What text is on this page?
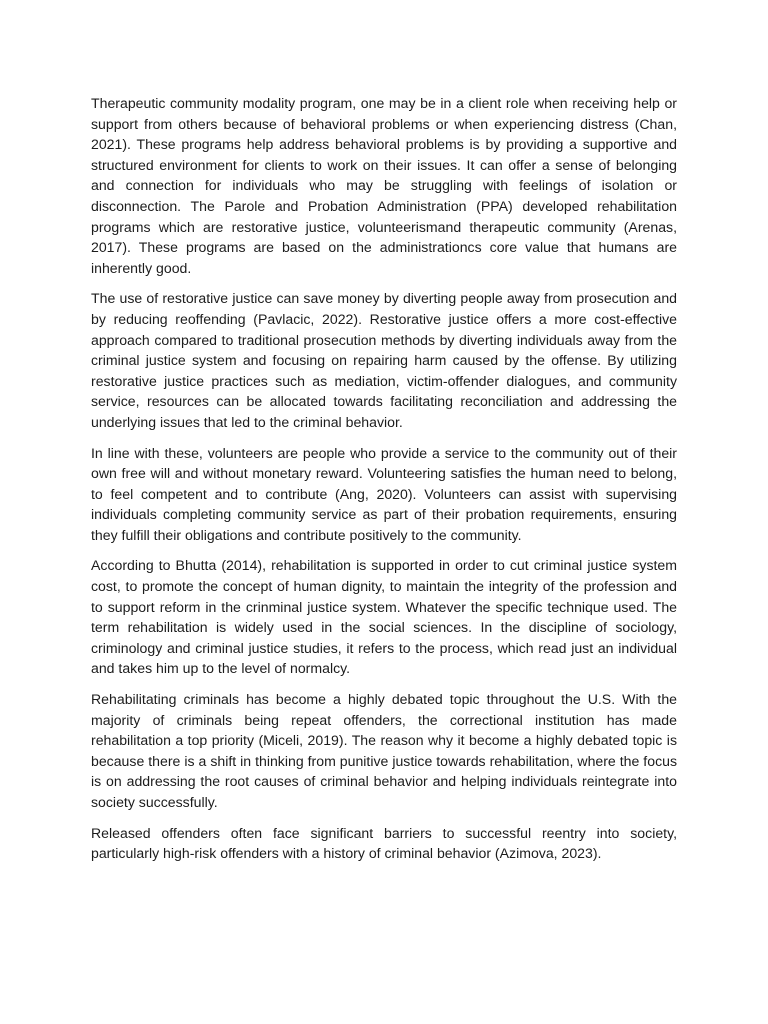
Therapeutic community modality program, one may be in a client role when receiving help or support from others because of behavioral problems or when experiencing distress (Chan, 2021). These programs help address behavioral problems is by providing a supportive and structured environment for clients to work on their issues. It can offer a sense of belonging and connection for individuals who may be struggling with feelings of isolation or disconnection. The Parole and Probation Administration (PPA) developed rehabilitation programs which are restorative justice, volunteerismand therapeutic community (Arenas, 2017). These programs are based on the administrationcs core value that humans are inherently good.

The use of restorative justice can save money by diverting people away from prosecution and by reducing reoffending (Pavlacic, 2022). Restorative justice offers a more cost-effective approach compared to traditional prosecution methods by diverting individuals away from the criminal justice system and focusing on repairing harm caused by the offense. By utilizing restorative justice practices such as mediation, victim-offender dialogues, and community service, resources can be allocated towards facilitating reconciliation and addressing the underlying issues that led to the criminal behavior.

In line with these, volunteers are people who provide a service to the community out of their own free will and without monetary reward. Volunteering satisfies the human need to belong, to feel competent and to contribute (Ang, 2020). Volunteers can assist with supervising individuals completing community service as part of their probation requirements, ensuring they fulfill their obligations and contribute positively to the community.

According to Bhutta (2014), rehabilitation is supported in order to cut criminal justice system cost, to promote the concept of human dignity, to maintain the integrity of the profession and to support reform in the crinminal justice system. Whatever the specific technique used. The term rehabilitation is widely used in the social sciences. In the discipline of sociology, criminology and criminal justice studies, it refers to the process, which read just an individual and takes him up to the level of normalcy.

Rehabilitating criminals has become a highly debated topic throughout the U.S. With the majority of criminals being repeat offenders, the correctional institution has made rehabilitation a top priority (Miceli, 2019). The reason why it become a highly debated topic is because there is a shift in thinking from punitive justice towards rehabilitation, where the focus is on addressing the root causes of criminal behavior and helping individuals reintegrate into society successfully.

Released offenders often face significant barriers to successful reentry into society, particularly high-risk offenders with a history of criminal behavior (Azimova, 2023).
